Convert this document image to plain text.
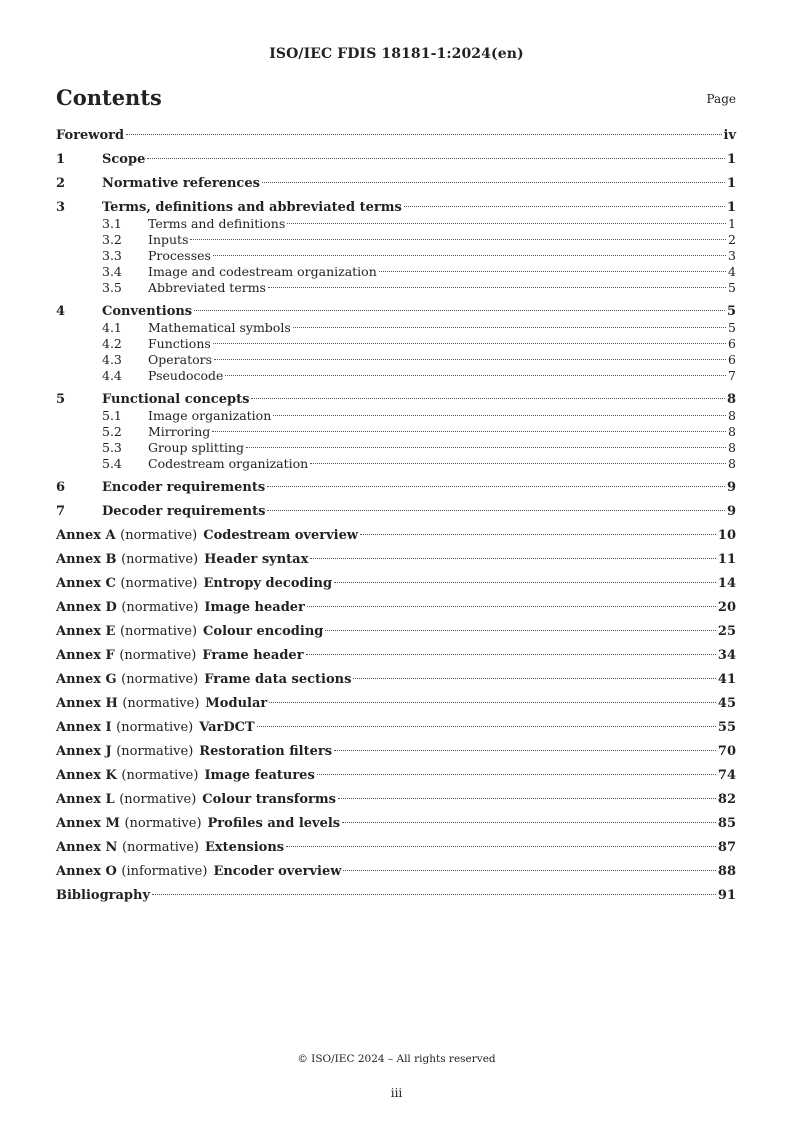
ISO/IEC FDIS 18181-1:2024(en)
Contents	Page
Foreword	iv
1	Scope	1
2	Normative references	1
3	Terms, definitions and abbreviated terms	1
3.1	Terms and definitions	1
3.2	Inputs	2
3.3	Processes	3
3.4	Image and codestream organization	4
3.5	Abbreviated terms	5
4	Conventions	5
4.1	Mathematical symbols	5
4.2	Functions	6
4.3	Operators	6
4.4	Pseudocode	7
5	Functional concepts	8
5.1	Image organization	8
5.2	Mirroring	8
5.3	Group splitting	8
5.4	Codestream organization	8
6	Encoder requirements	9
7	Decoder requirements	9
Annex A (normative) Codestream overview	10
Annex B (normative) Header syntax	11
Annex C (normative) Entropy decoding	14
Annex D (normative) Image header	20
Annex E (normative) Colour encoding	25
Annex F (normative) Frame header	34
Annex G (normative) Frame data sections	41
Annex H (normative) Modular	45
Annex I (normative) VarDCT	55
Annex J (normative) Restoration filters	70
Annex K (normative) Image features	74
Annex L (normative) Colour transforms	82
Annex M (normative) Profiles and levels	85
Annex N (normative) Extensions	87
Annex O (informative) Encoder overview	88
Bibliography	91
© ISO/IEC 2024 – All rights reserved
iii
